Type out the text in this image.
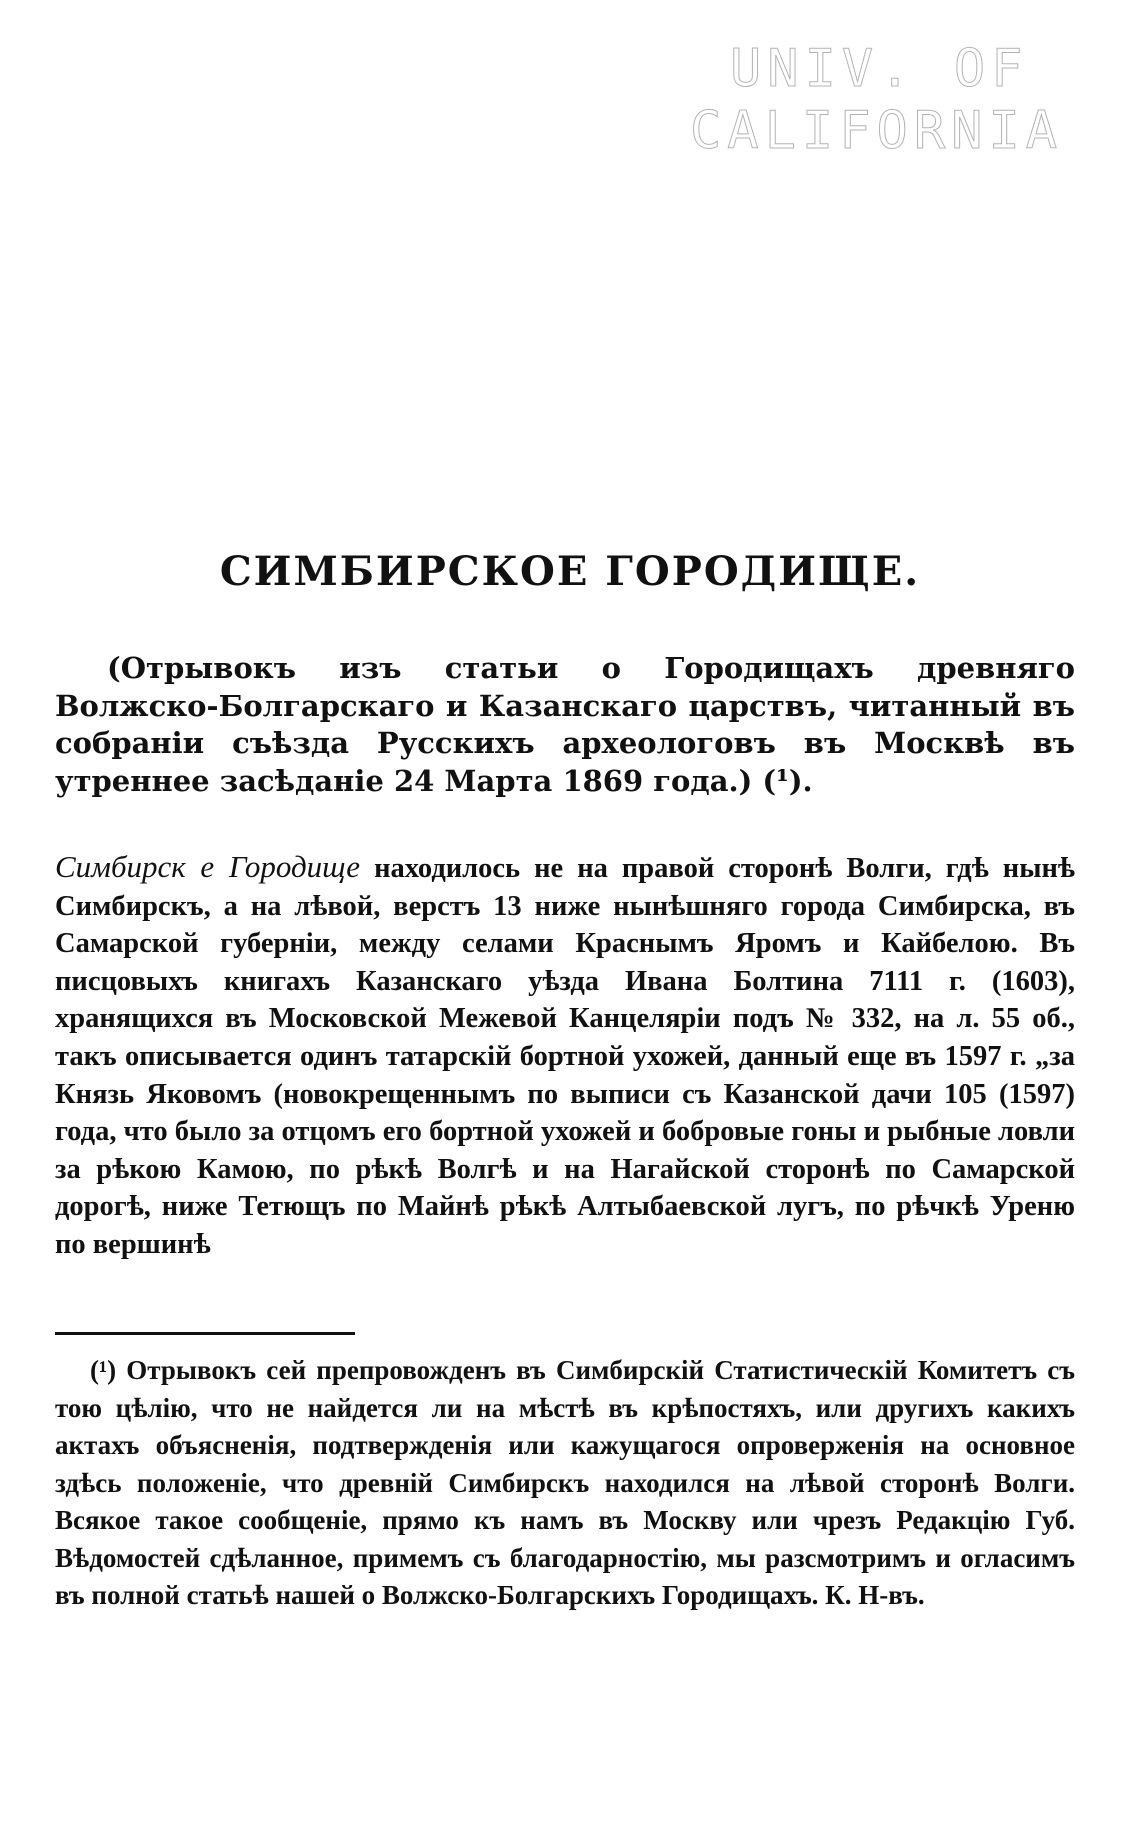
UNIV. OF
CALIFORNIA
СИМБИРСКОЕ ГОРОДИЩЕ.

(Отрывокъ изъ статьи о Городищахъ древняго Волжско-Болгарскаго и Казанскаго царствъ, читанный въ собраніи съѣзда Русскихъ археологовъ въ Москвѣ въ утреннее засѣданіе 24 Марта 1869 года.) (¹).

Симбирск е Городище находилось не на правой сторонѣ Волги, гдѣ нынѣ Симбирскъ, а на лѣвой, верстъ 13 ниже нынѣшняго города Симбирска, въ Самарской губерніи, между селами Краснымъ Яромъ и Кайбелою. Въ писцовыхъ книгахъ Казанскаго уѣзда Ивана Болтина 7111 г. (1603), хранящихся въ Московской Межевой Канцеляріи подъ № 332, на л. 55 об., такъ описывается одинъ татарскій бортной ухожей, данный еще въ 1597 г. „за Князь Яковомъ (новокрещеннымъ по выписи съ Казанской дачи 105 (1597) года, что было за отцомъ его бортной ухожей и бобровые гоны и рыбные ловли за рѣкою Камою, по рѣкѣ Волгѣ и на Нагайской сторонѣ по Самарской дорогѣ, ниже Тетющъ по Майнѣ рѣкѣ Алтыбаевской лугъ, по рѣчкѣ Уреню по вершинѣ

(¹) Отрывокъ сей препровожденъ въ Симбирскій Статистическій Комитетъ съ тою цѣлію, что не найдется ли на мѣстѣ въ крѣпостяхъ, или другихъ какихъ актахъ объясненія, подтвержденія или кажущагося опроверженія на основное здѣсь положеніе, что древній Симбирскъ находился на лѣвой сторонѣ Волги. Всякое такое сообщеніе, прямо къ намъ въ Москву или чрезъ Редакцію Губ. Вѣдомостей сдѣланное, примемъ съ благодарностію, мы разсмотримъ и огласимъ въ полной статьѣ нашей о Волжско-Болгарскихъ Городищахъ. К. Н-въ.
